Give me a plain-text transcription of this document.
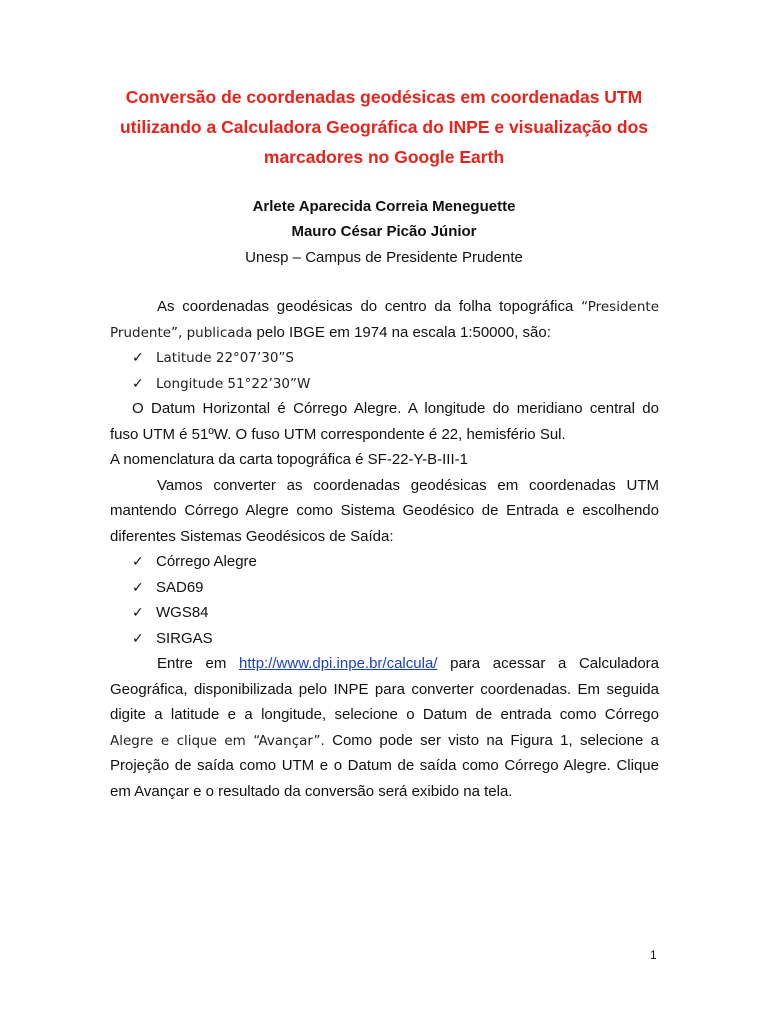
Conversão de coordenadas geodésicas em coordenadas UTM
utilizando a Calculadora Geográfica do INPE e visualização dos
marcadores no Google Earth

Arlete Aparecida Correia Meneguette

Mauro César Picão Júnior

Unesp – Campus de Presidente Prudente

As coordenadas geodésicas do centro da folha topográfica “Presidente
Prudente”, publicada pelo IBGE em 1974 na escala 1:50000, são:
✓ Latitude 22°07’30”S
✓ Longitude 51°22’30”W
O Datum Horizontal é Córrego Alegre. A longitude do meridiano central do
fuso UTM é 51ºW. O fuso UTM correspondente é 22, hemisfério Sul.
A nomenclatura da carta topográfica é SF-22-Y-B-III-1
Vamos converter as coordenadas geodésicas em coordenadas UTM
mantendo Córrego Alegre como Sistema Geodésico de Entrada e escolhendo
diferentes Sistemas Geodésicos de Saída:
✓ Córrego Alegre
✓ SAD69
✓ WGS84
✓ SIRGAS
Entre em http://www.dpi.inpe.br/calcula/ para acessar a Calculadora
Geográfica, disponibilizada pelo INPE para converter coordenadas. Em seguida
digite a latitude e a longitude, selecione o Datum de entrada como Córrego
Alegre e clique em “Avançar”. Como pode ser visto na Figura 1, selecione a
Projeção de saída como UTM e o Datum de saída como Córrego Alegre. Clique
em Avançar e o resultado da conversão será exibido na tela.
1
